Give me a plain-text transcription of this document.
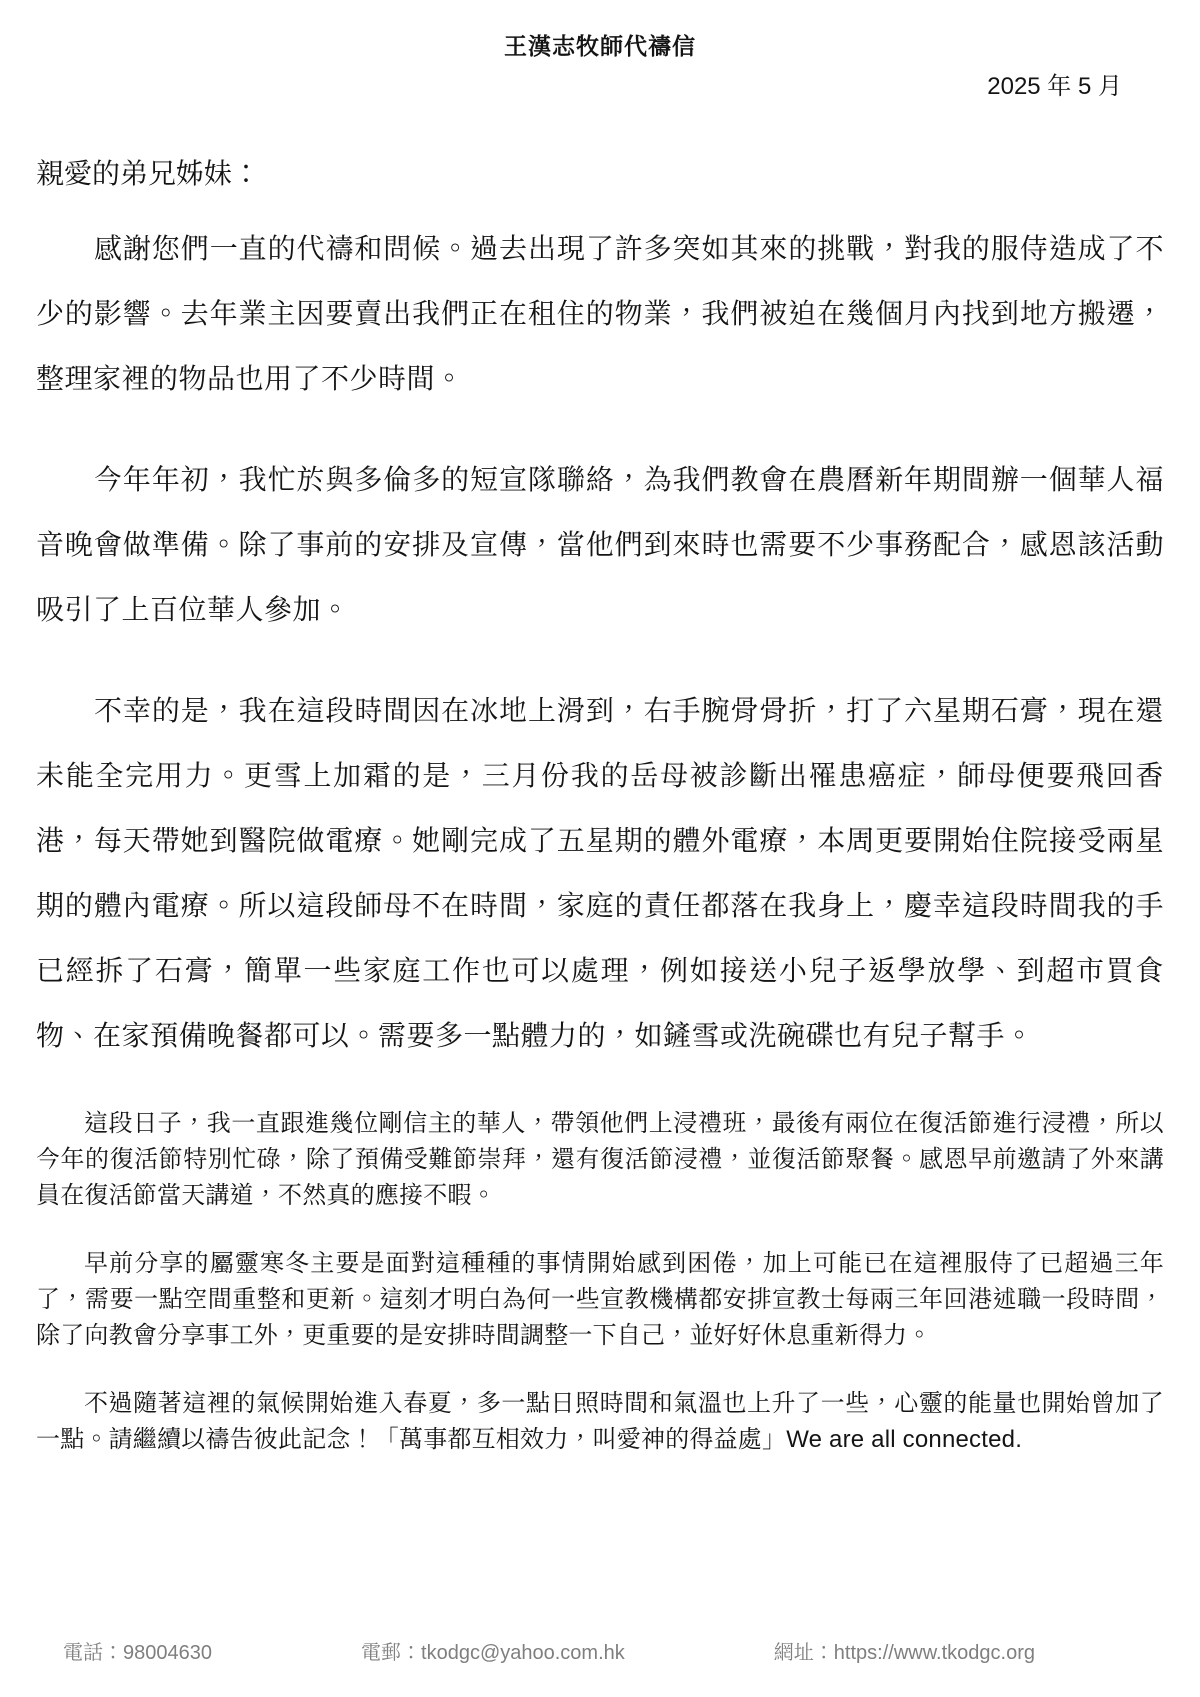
王漢志牧師代禱信
2025 年 5 月
親愛的弟兄姊妹：

感謝您們一直的代禱和問候。過去出現了許多突如其來的挑戰，對我的服侍造成了不少的影響。去年業主因要賣出我們正在租住的物業，我們被迫在幾個月內找到地方搬遷，整理家裡的物品也用了不少時間。

今年年初，我忙於與多倫多的短宣隊聯絡，為我們教會在農曆新年期間辦一個華人福音晚會做準備。除了事前的安排及宣傳，當他們到來時也需要不少事務配合，感恩該活動吸引了上百位華人參加。

不幸的是，我在這段時間因在冰地上滑到，右手腕骨骨折，打了六星期石膏，現在還未能全完用力。更雪上加霜的是，三月份我的岳母被診斷出罹患癌症，師母便要飛回香港，每天帶她到醫院做電療。她剛完成了五星期的體外電療，本周更要開始住院接受兩星期的體內電療。所以這段師母不在時間，家庭的責任都落在我身上，慶幸這段時間我的手已經拆了石膏，簡單一些家庭工作也可以處理，例如接送小兒子返學放學、到超市買食物、在家預備晚餐都可以。需要多一點體力的，如鏟雪或洗碗碟也有兒子幫手。

這段日子，我一直跟進幾位剛信主的華人，帶領他們上浸禮班，最後有兩位在復活節進行浸禮，所以今年的復活節特別忙碌，除了預備受難節崇拜，還有復活節浸禮，並復活節聚餐。感恩早前邀請了外來講員在復活節當天講道，不然真的應接不暇。

早前分享的屬靈寒冬主要是面對這種種的事情開始感到困倦，加上可能已在這裡服侍了已超過三年了，需要一點空間重整和更新。這刻才明白為何一些宣教機構都安排宣教士每兩三年回港述職一段時間，除了向教會分享事工外，更重要的是安排時間調整一下自己，並好好休息重新得力。

不過隨著這裡的氣候開始進入春夏，多一點日照時間和氣溫也上升了一些，心靈的能量也開始曾加了一點。請繼續以禱告彼此記念！「萬事都互相效力，叫愛神的得益處」We are all connected.

電話：98004630	電郵：tkodgc@yahoo.com.hk	網址：https://www.tkodgc.org
